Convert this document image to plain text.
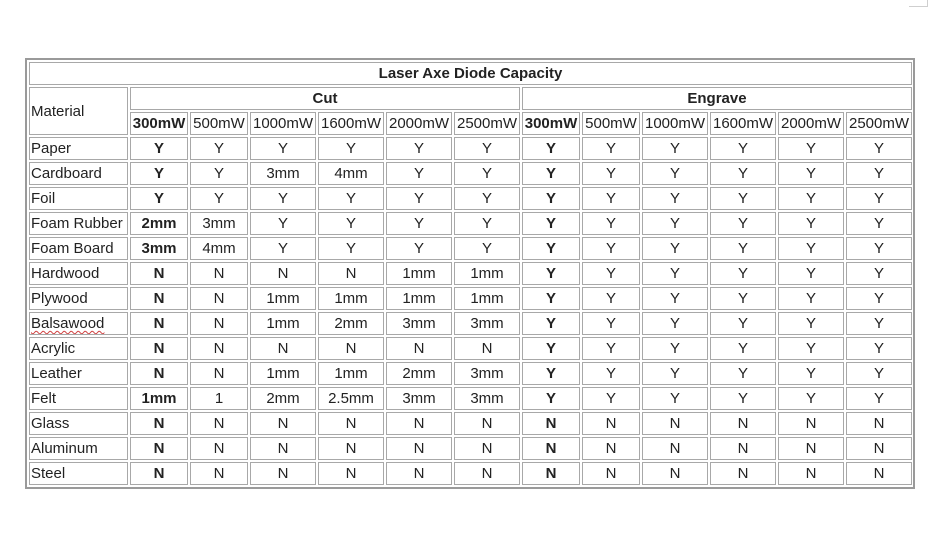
Laser Axe Diode Capacity												
Material	Cut						Engrave					
	300mW	500mW	1000mW	1600mW	2000mW	2500mW	300mW	500mW	1000mW	1600mW	2000mW	2500mW
Paper	Y	Y	Y	Y	Y	Y	Y	Y	Y	Y	Y	Y
Cardboard	Y	Y	3mm	4mm	Y	Y	Y	Y	Y	Y	Y	Y
Foil	Y	Y	Y	Y	Y	Y	Y	Y	Y	Y	Y	Y
Foam Rubber	2mm	3mm	Y	Y	Y	Y	Y	Y	Y	Y	Y	Y
Foam Board	3mm	4mm	Y	Y	Y	Y	Y	Y	Y	Y	Y	Y
Hardwood	N	N	N	N	1mm	1mm	Y	Y	Y	Y	Y	Y
Plywood	N	N	1mm	1mm	1mm	1mm	Y	Y	Y	Y	Y	Y
Balsawood	N	N	1mm	2mm	3mm	3mm	Y	Y	Y	Y	Y	Y
Acrylic	N	N	N	N	N	N	Y	Y	Y	Y	Y	Y
Leather	N	N	1mm	1mm	2mm	3mm	Y	Y	Y	Y	Y	Y
Felt	1mm	1	2mm	2.5mm	3mm	3mm	Y	Y	Y	Y	Y	Y
Glass	N	N	N	N	N	N	N	N	N	N	N	N
Aluminum	N	N	N	N	N	N	N	N	N	N	N	N
Steel	N	N	N	N	N	N	N	N	N	N	N	N
